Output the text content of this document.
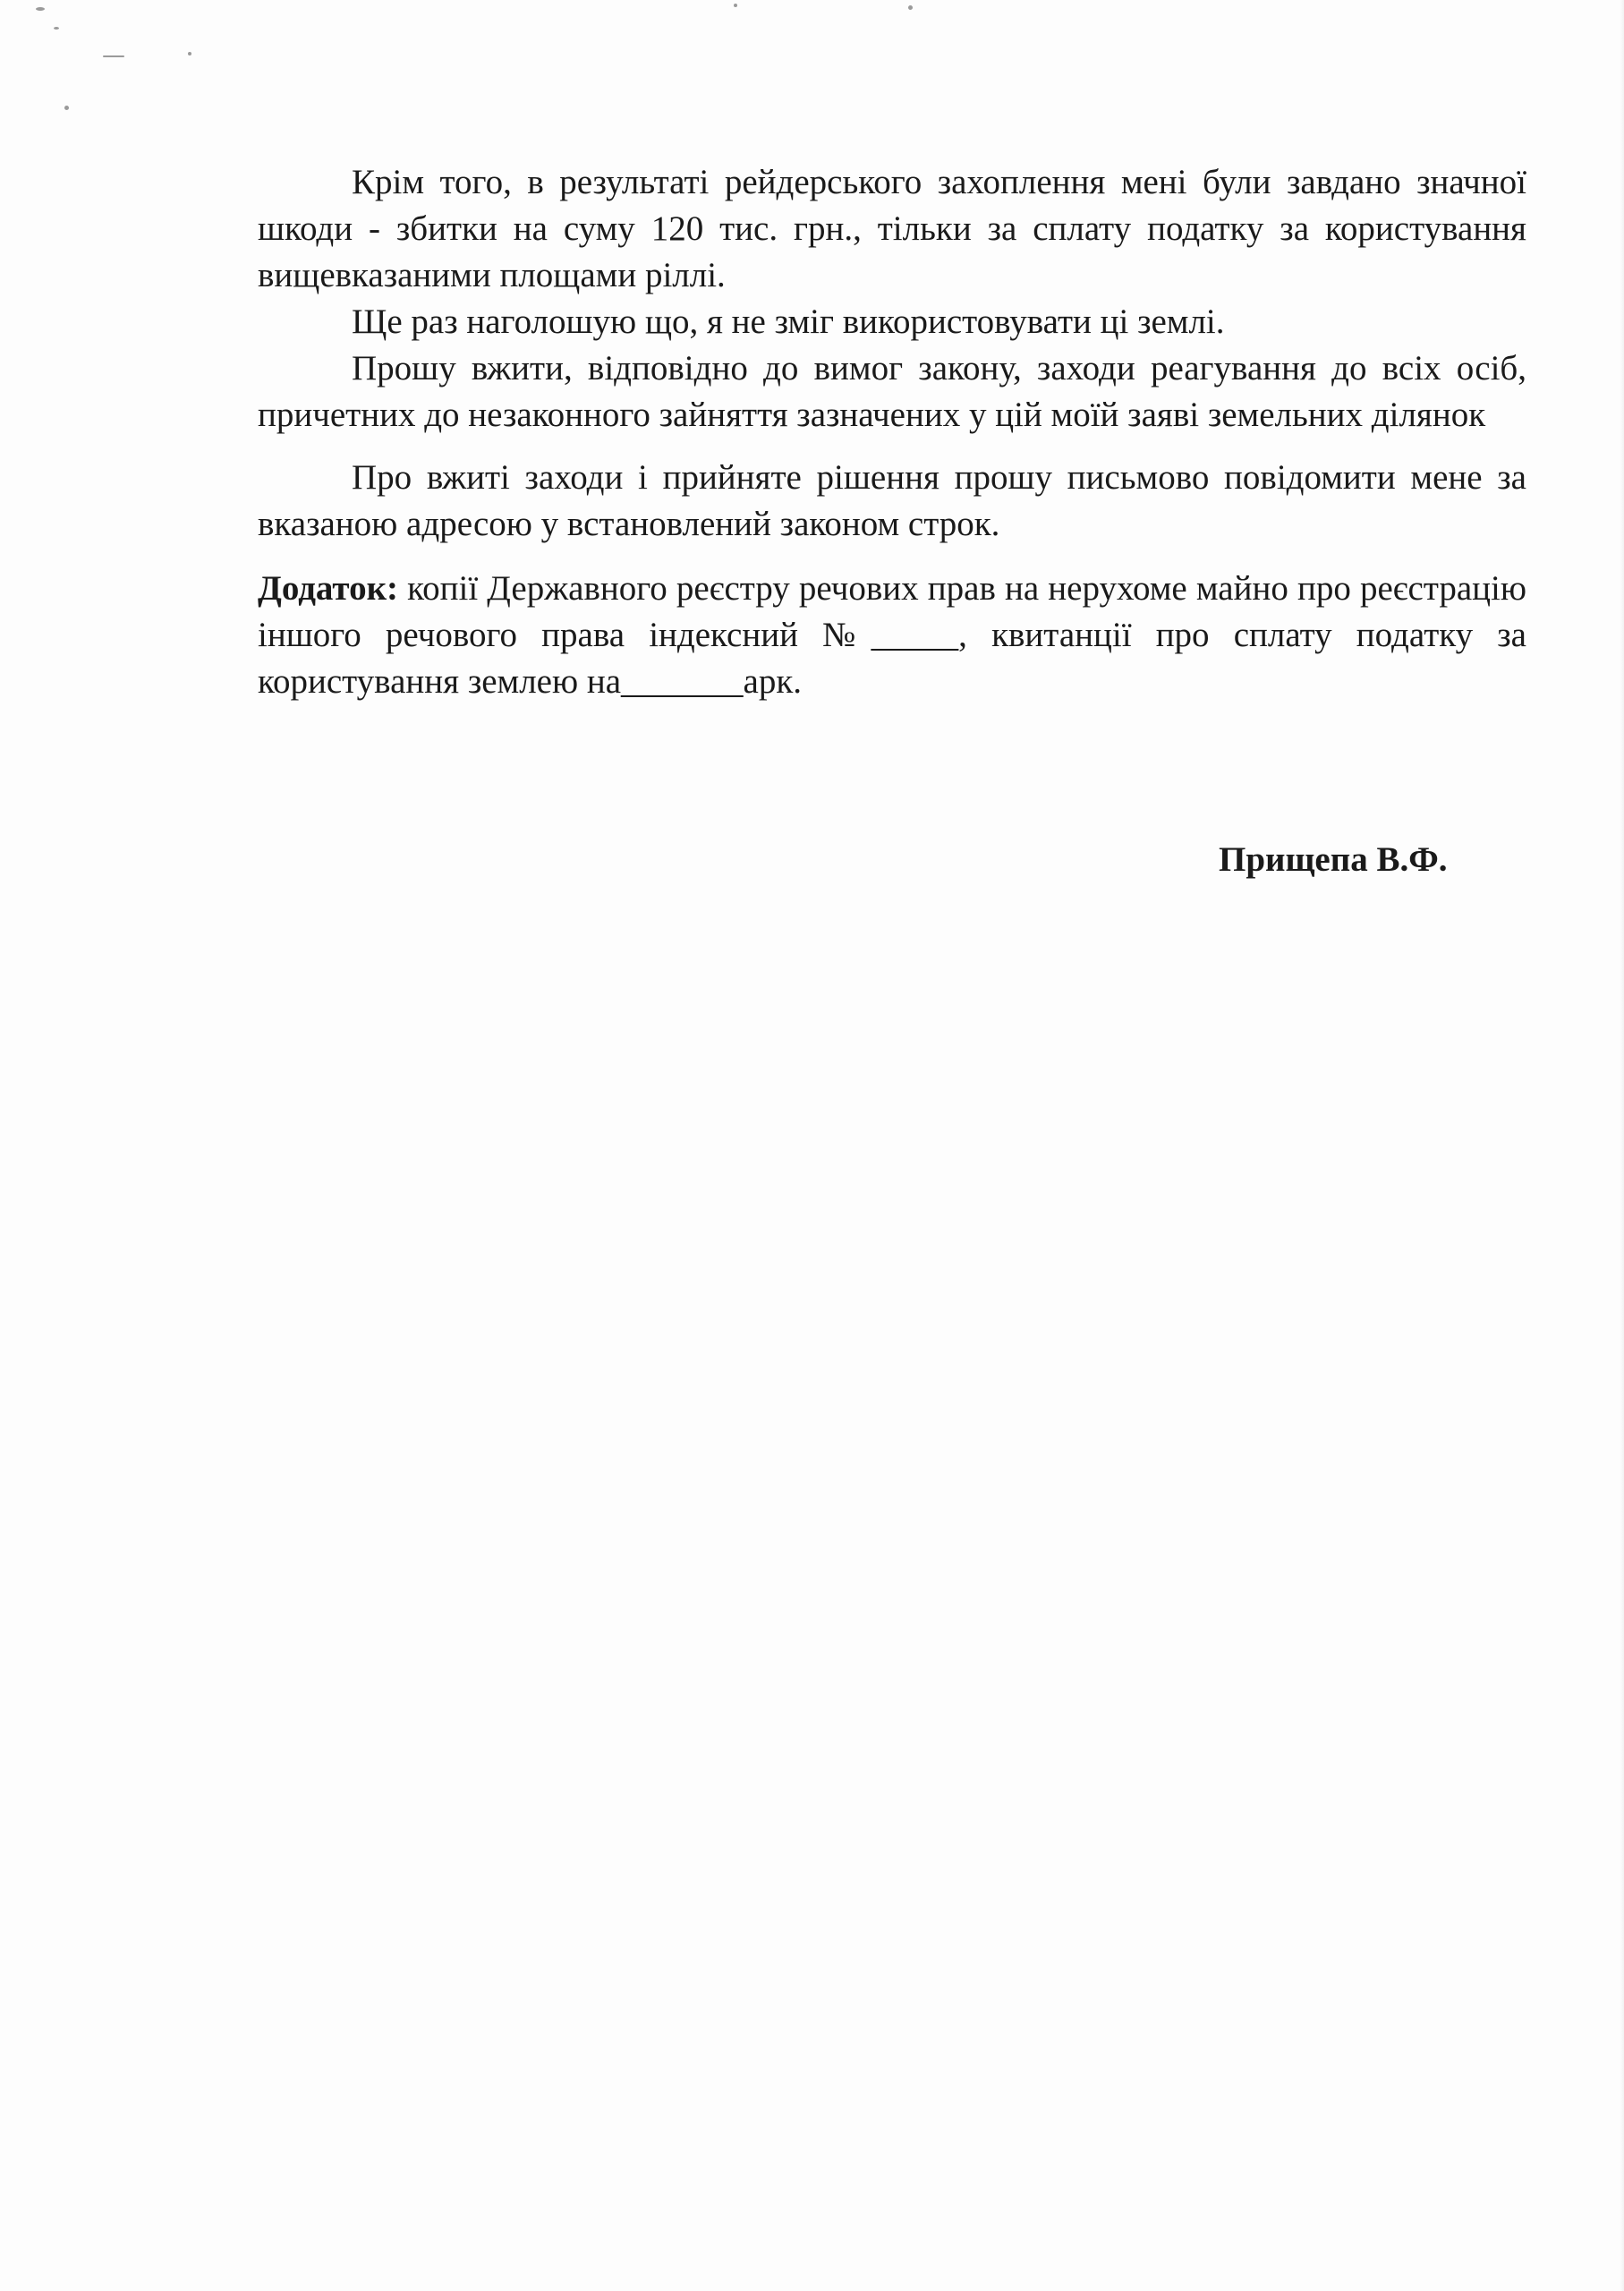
Крім того, в результаті рейдерського захоплення мені були завдано значної шкоди - збитки на суму 120 тис. грн., тільки за сплату податку за користування вищевказаними площами ріллі.

Ще раз наголошую що, я не зміг використовувати ці землі.

Прошу вжити, відповідно до вимог закону, заходи реагування до всіх осіб, причетних до незаконного зайняття зазначених у цій моїй заяві земельних ділянок

Про вжиті заходи і прийняте рішення прошу письмово повідомити мене за вказаною адресою у встановлений законом строк.

Додаток: копії Державного реєстру речових прав на нерухоме майно про реєстрацію іншого речового права індексний №_____, квитанції про сплату податку за користування землею на_______арк.

Прищепа В.Ф.
